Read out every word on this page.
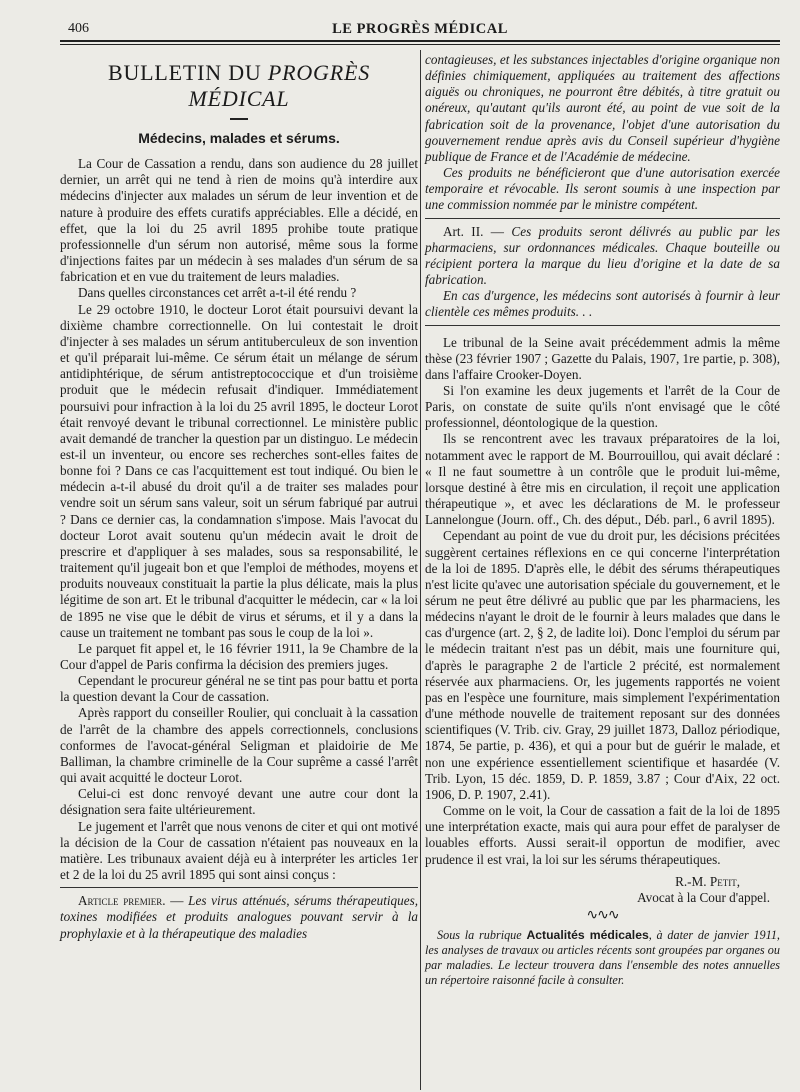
406	LE PROGRÈS MÉDICAL

BULLETIN DU PROGRÈS MÉDICAL

Médecins, malades et sérums.

La Cour de Cassation a rendu, dans son audience du 28 juillet dernier, un arrêt qui ne tend à rien de moins qu'à interdire aux médecins d'injecter aux malades un sérum de leur invention et de nature à produire des effets curatifs appréciables. Elle a décidé, en effet, que la loi du 25 avril 1895 prohibe toute pratique professionnelle d'un sérum non autorisé, même sous la forme d'injections faites par un médecin à ses malades d'un sérum de sa fabrication et en vue du traitement de leurs maladies.

Dans quelles circonstances cet arrêt a-t-il été rendu ?

Le 29 octobre 1910, le docteur Lorot était poursuivi devant la dixième chambre correctionnelle. On lui contestait le droit d'injecter à ses malades un sérum antituberculeux de son invention et qu'il préparait lui-même. Ce sérum était un mélange de sérum antidiphtérique, de sérum antistreptococcique et d'un troisième produit que le médecin refusait d'indiquer. Immédiatement poursuivi pour infraction à la loi du 25 avril 1895, le docteur Lorot était renvoyé devant le tribunal correctionnel. Le ministère public avait demandé de trancher la question par un distinguo. Le médecin est-il un inventeur, ou encore ses recherches sont-elles faites de bonne foi ? Dans ce cas l'acquittement est tout indiqué. Ou bien le médecin a-t-il abusé du droit qu'il a de traiter ses malades pour vendre soit un sérum sans valeur, soit un sérum fabriqué par autrui ? Dans ce dernier cas, la condamnation s'impose. Mais l'avocat du docteur Lorot avait soutenu qu'un médecin avait le droit de prescrire et d'appliquer à ses malades, sous sa responsabilité, le traitement qu'il jugeait bon et que l'emploi de méthodes, moyens et produits nouveaux constituait la partie la plus délicate, mais la plus légitime de son art. Et le tribunal d'acquitter le médecin, car « la loi de 1895 ne vise que le débit de virus et sérums, et il y a dans la cause un traitement ne tombant pas sous le coup de la loi ».

Le parquet fit appel et, le 16 février 1911, la 9e Chambre de la Cour d'appel de Paris confirma la décision des premiers juges.

Cependant le procureur général ne se tint pas pour battu et porta la question devant la Cour de cassation.

Après rapport du conseiller Roulier, qui concluait à la cassation de l'arrêt de la chambre des appels correctionnels, conclusions conformes de l'avocat-général Seligman et plaidoirie de Me Balliman, la chambre criminelle de la Cour suprême a cassé l'arrêt qui avait acquitté le docteur Lorot.

Celui-ci est donc renvoyé devant une autre cour dont la désignation sera faite ultérieurement.

Le jugement et l'arrêt que nous venons de citer et qui ont motivé la décision de la Cour de cassation n'étaient pas nouveaux en la matière. Les tribunaux avaient déjà eu à interpréter les articles 1er et 2 de la loi du 25 avril 1895 qui sont ainsi conçus :

Article premier. — Les virus atténués, sérums thérapeutiques, toxines modifiées et produits analogues pouvant servir à la prophylaxie et à la thérapeutique des maladies

contagieuses, et les substances injectables d'origine organique non définies chimiquement, appliquées au traitement des affections aiguës ou chroniques, ne pourront être débités, à titre gratuit ou onéreux, qu'autant qu'ils auront été, au point de vue soit de la fabrication soit de la provenance, l'objet d'une autorisation du gouvernement rendue après avis du Conseil supérieur d'hygiène publique de France et de l'Académie de médecine.

Ces produits ne bénéficieront que d'une autorisation exercée temporaire et révocable. Ils seront soumis à une inspection par une commission nommée par le ministre compétent.

Art. II. — Ces produits seront délivrés au public par les pharmaciens, sur ordonnances médicales. Chaque bouteille ou récipient portera la marque du lieu d'origine et la date de sa fabrication.

En cas d'urgence, les médecins sont autorisés à fournir à leur clientèle ces mêmes produits. . .

Le tribunal de la Seine avait précédemment admis la même thèse (23 février 1907 ; Gazette du Palais, 1907, 1re partie, p. 308), dans l'affaire Crooker-Doyen.

Si l'on examine les deux jugements et l'arrêt de la Cour de Paris, on constate de suite qu'ils n'ont envisagé que le côté professionnel, déontologique de la question.

Ils se rencontrent avec les travaux préparatoires de la loi, notamment avec le rapport de M. Bourrouillou, qui avait déclaré : « Il ne faut soumettre à un contrôle que le produit lui-même, lorsque destiné à être mis en circulation, il reçoit une application thérapeutique », et avec les déclarations de M. le professeur Lannelongue (Journ. off., Ch. des déput., Déb. parl., 6 avril 1895).

Cependant au point de vue du droit pur, les décisions précitées suggèrent certaines réflexions en ce qui concerne l'interprétation de la loi de 1895. D'après elle, le débit des sérums thérapeutiques n'est licite qu'avec une autorisation spéciale du gouvernement, et le sérum ne peut être délivré au public que par les pharmaciens, les médecins n'ayant le droit de le fournir à leurs malades que dans le cas d'urgence (art. 2, § 2, de ladite loi). Donc l'emploi du sérum par le médecin traitant n'est pas un débit, mais une fourniture qui, d'après le paragraphe 2 de l'article 2 précité, est normalement réservée aux pharmaciens. Or, les jugements rapportés ne voient pas en l'espèce une fourniture, mais simplement l'expérimentation d'une méthode nouvelle de traitement reposant sur des données scientifiques (V. Trib. civ. Gray, 29 juillet 1873, Dalloz périodique, 1874, 5e partie, p. 436), et qui a pour but de guérir le malade, et non une expérience essentiellement scientifique et hasardée (V. Trib. Lyon, 15 déc. 1859, D. P. 1859, 3.87 ; Cour d'Aix, 22 oct. 1906, D. P. 1907, 2.41).

Comme on le voit, la Cour de cassation a fait de la loi de 1895 une interprétation exacte, mais qui aura pour effet de paralyser de louables efforts. Aussi serait-il opportun de modifier, avec prudence il est vrai, la loi sur les sérums thérapeutiques.

R.-M. Petit,

Avocat à la Cour d'appel.

∿∿∿

Sous la rubrique Actualités médicales, à dater de janvier 1911, les analyses de travaux ou articles récents sont groupées par organes ou par maladies. Le lecteur trouvera dans l'ensemble des notes annuelles un répertoire raisonné facile à consulter.
